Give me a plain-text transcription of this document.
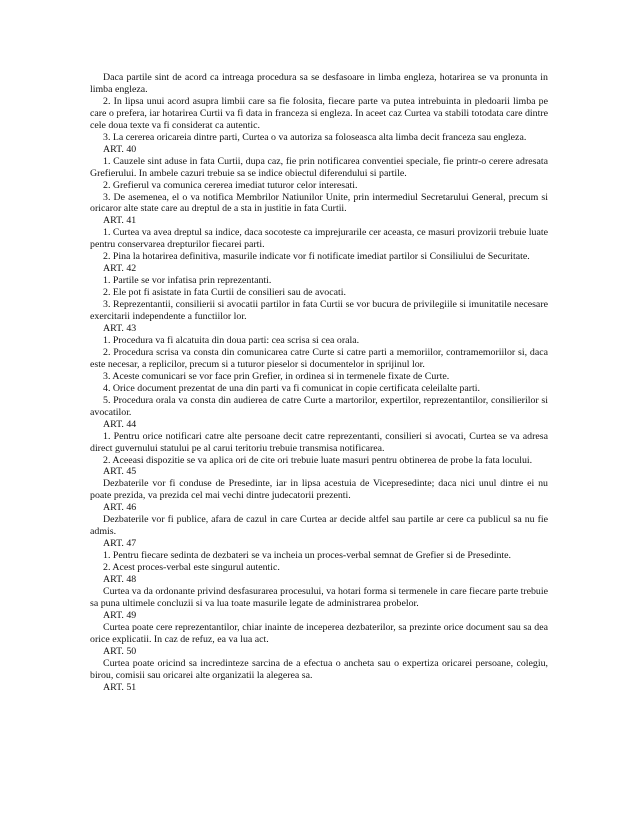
Daca partile sint de acord ca intreaga procedura sa se desfasoare in limba engleza, hotarirea se va pronunta in limba engleza.

2. In lipsa unui acord asupra limbii care sa fie folosita, fiecare parte va putea intrebuinta in pledoarii limba pe care o prefera, iar hotarirea Curtii va fi data in franceza si engleza. In aceet caz Curtea va stabili totodata care dintre cele doua texte va fi considerat ca autentic.

3. La cererea oricareia dintre parti, Curtea o va autoriza sa foloseasca alta limba decit franceza sau engleza.

ART. 40

1. Cauzele sint aduse in fata Curtii, dupa caz, fie prin notificarea conventiei speciale, fie printr-o cerere adresata Grefierului. In ambele cazuri trebuie sa se indice obiectul diferendului si partile.

2. Grefierul va comunica cererea imediat tuturor celor interesati.

3. De asemenea, el o va notifica Membrilor Natiunilor Unite, prin intermediul Secretarului General, precum si oricaror alte state care au dreptul de a sta in justitie in fata Curtii.

ART. 41

1. Curtea va avea dreptul sa indice, daca socoteste ca imprejurarile cer aceasta, ce masuri provizorii trebuie luate pentru conservarea drepturilor fiecarei parti.

2. Pina la hotarirea definitiva, masurile indicate vor fi notificate imediat partilor si Consiliului de Securitate.

ART. 42

1. Partile se vor infatisa prin reprezentanti.

2. Ele pot fi asistate in fata Curtii de consilieri sau de avocati.

3. Reprezentantii, consilierii si avocatii partilor in fata Curtii se vor bucura de privilegiile si imunitatile necesare exercitarii independente a functiilor lor.

ART. 43

1. Procedura va fi alcatuita din doua parti: cea scrisa si cea orala.

2. Procedura scrisa va consta din comunicarea catre Curte si catre parti a memoriilor, contramemoriilor si, daca este necesar, a replicilor, precum si a tuturor pieselor si documentelor in sprijinul lor.

3. Aceste comunicari se vor face prin Grefier, in ordinea si in termenele fixate de Curte.

4. Orice document prezentat de una din parti va fi comunicat in copie certificata celeilalte parti.

5. Procedura orala va consta din audierea de catre Curte a martorilor, expertilor, reprezentantilor, consilierilor si avocatilor.

ART. 44

1. Pentru orice notificari catre alte persoane decit catre reprezentanti, consilieri si avocati, Curtea se va adresa direct guvernului statului pe al carui teritoriu trebuie transmisa notificarea.

2. Aceeasi dispozitie se va aplica ori de cite ori trebuie luate masuri pentru obtinerea de probe la fata locului.

ART. 45

Dezbaterile vor fi conduse de Presedinte, iar in lipsa acestuia de Vicepresedinte; daca nici unul dintre ei nu poate prezida, va prezida cel mai vechi dintre judecatorii prezenti.

ART. 46

Dezbaterile vor fi publice, afara de cazul in care Curtea ar decide altfel sau partile ar cere ca publicul sa nu fie admis.

ART. 47

1. Pentru fiecare sedinta de dezbateri se va incheia un proces-verbal semnat de Grefier si de Presedinte.

2. Acest proces-verbal este singurul autentic.

ART. 48

Curtea va da ordonante privind desfasurarea procesului, va hotari forma si termenele in care fiecare parte trebuie sa puna ultimele concluzii si va lua toate masurile legate de administrarea probelor.

ART. 49

Curtea poate cere reprezentantilor, chiar inainte de inceperea dezbaterilor, sa prezinte orice document sau sa dea orice explicatii. In caz de refuz, ea va lua act.

ART. 50

Curtea poate oricind sa incredinteze sarcina de a efectua o ancheta sau o expertiza oricarei persoane, colegiu, birou, comisii sau oricarei alte organizatii la alegerea sa.

ART. 51
